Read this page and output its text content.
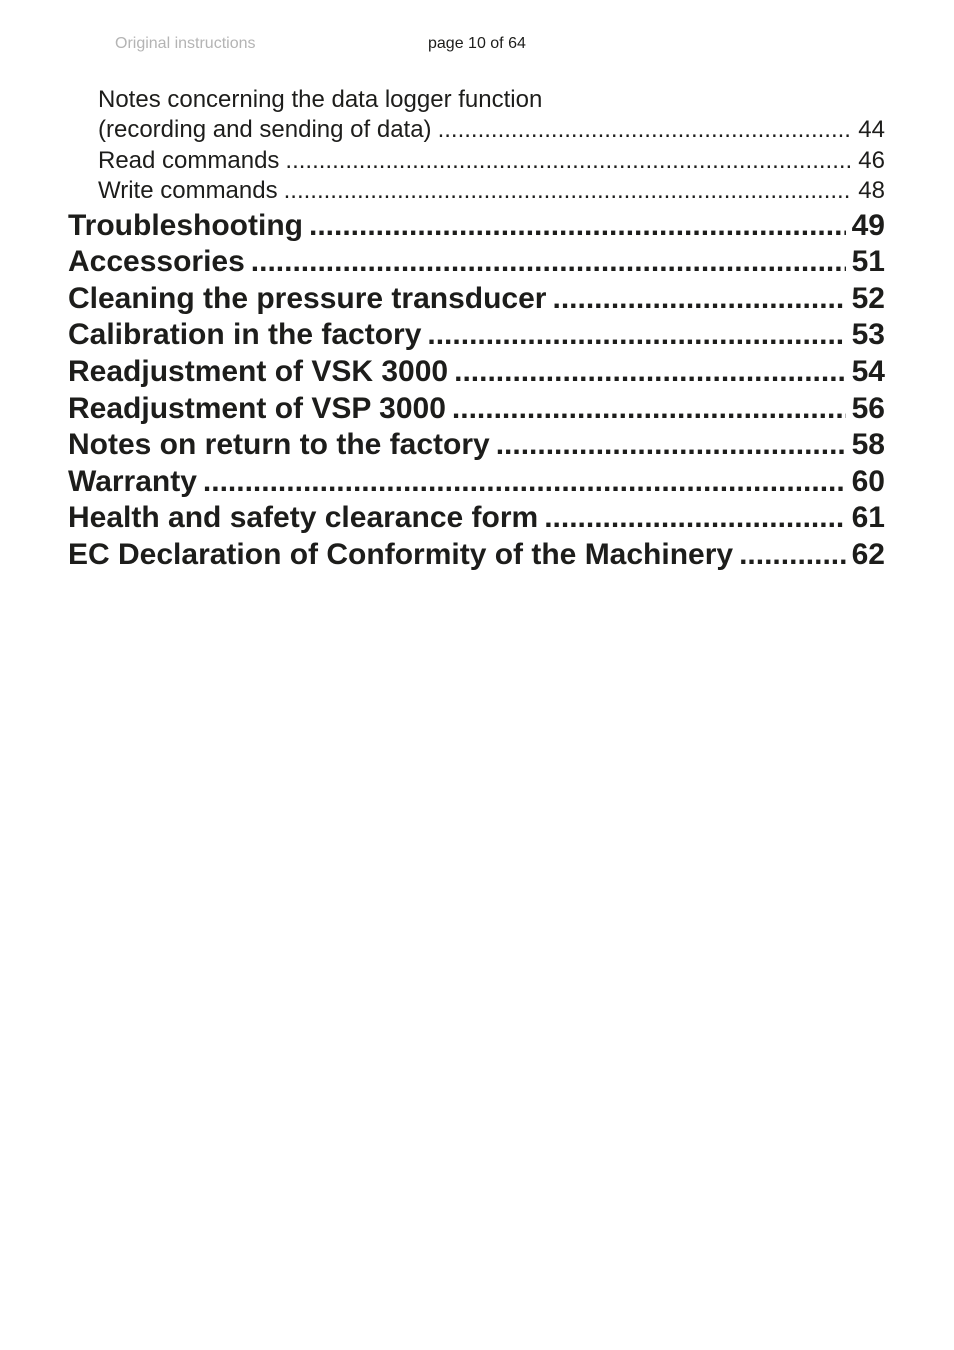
Original instructions	page 10 of 64
Notes concerning the data logger function
(recording and sending of data) .....	44
Read commands .....	46
Write commands .....	48
Troubleshooting .....	49
Accessories .....	51
Cleaning the pressure transducer .....	52
Calibration in the factory .....	53
Readjustment of VSK 3000 .....	54
Readjustment of VSP 3000 .....	56
Notes on return to the factory .....	58
Warranty .....	60
Health and safety clearance form .....	61
EC Declaration of Conformity of the Machinery .....	62
